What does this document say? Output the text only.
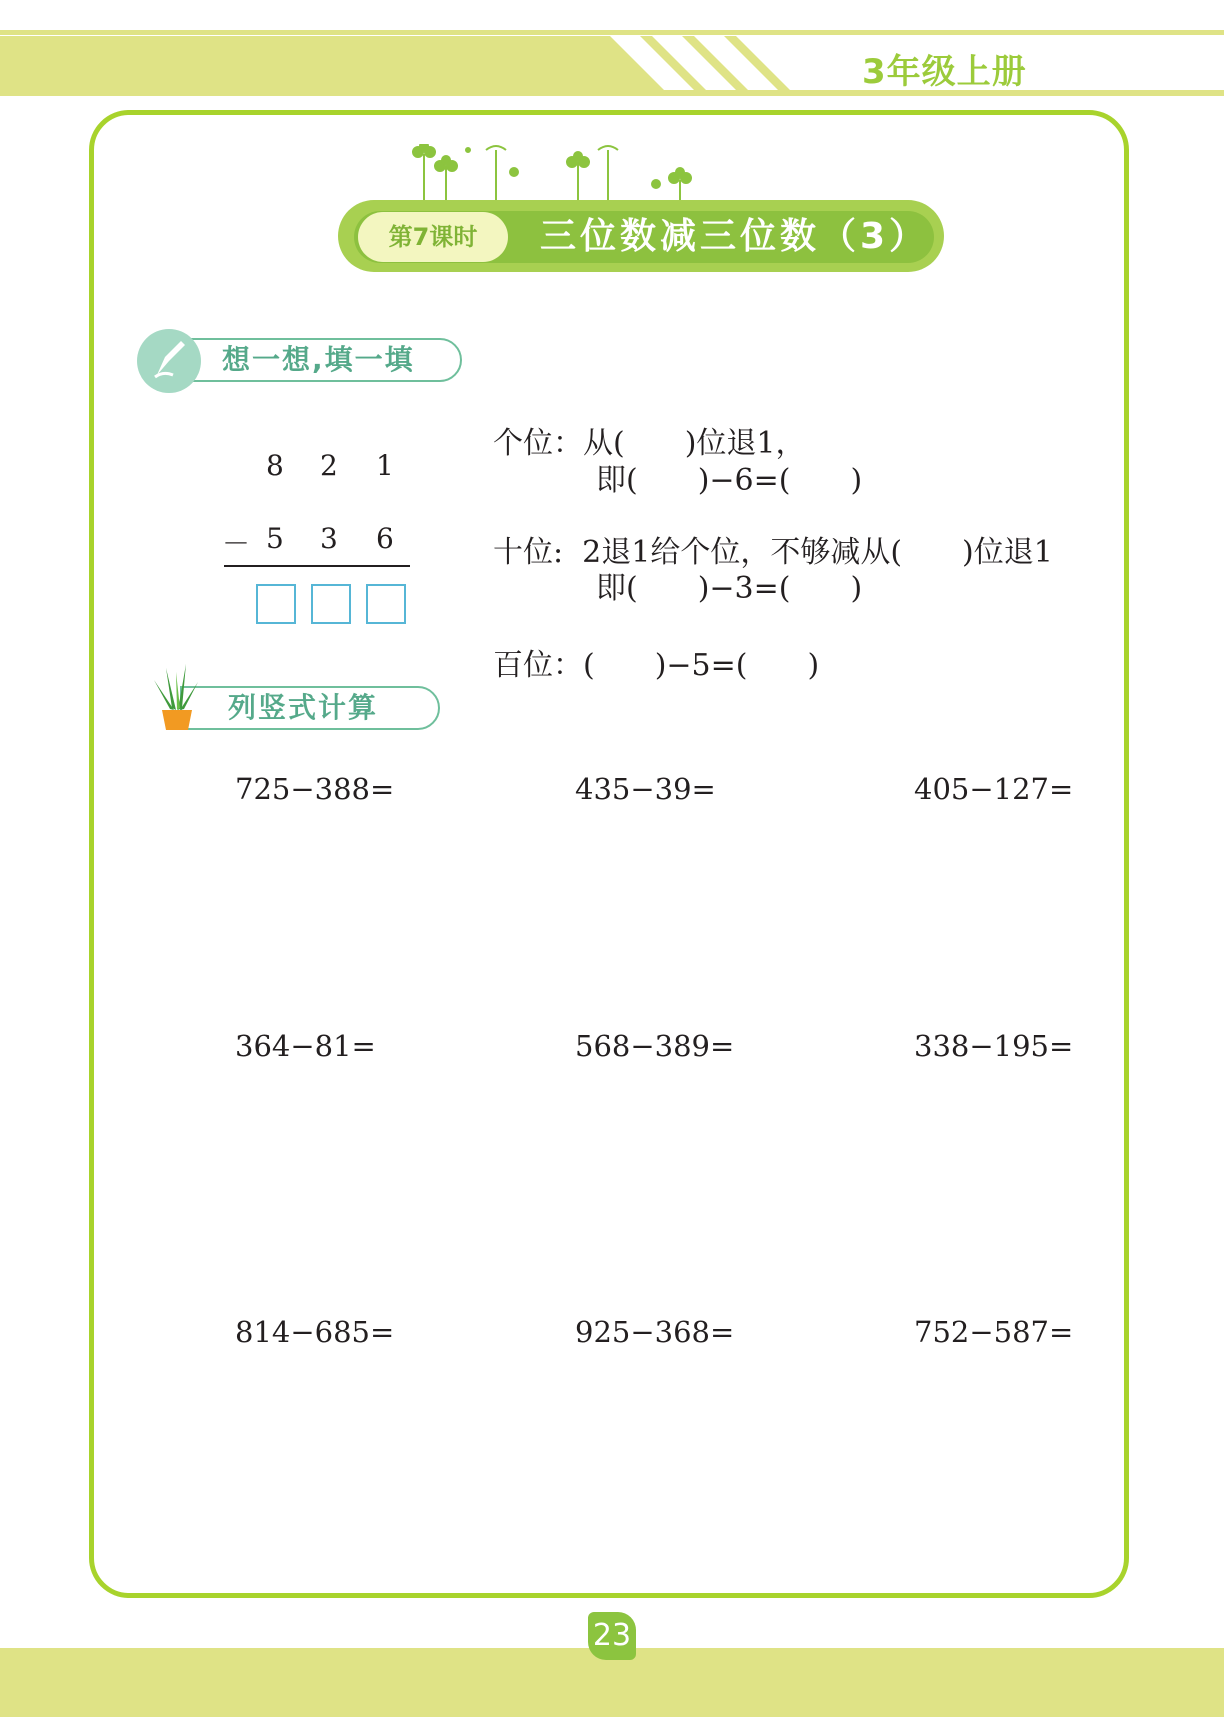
3年级上册
第7课时	三位数减三位数（3）
想一想,填一填
8 2 1
－ 5 3 6
个位：从(　　)位退1，
即(　　)−6=(　　)
十位:  2退1给个位，不够减从(　　)位退1
即(　　)−3=(　　)
百位：(　　)−5=(　　)
列竖式计算
725−388=	435−39=	405−127=
364−81=	568−389=	338−195=
814−685=	925−368=	752−587=
23
